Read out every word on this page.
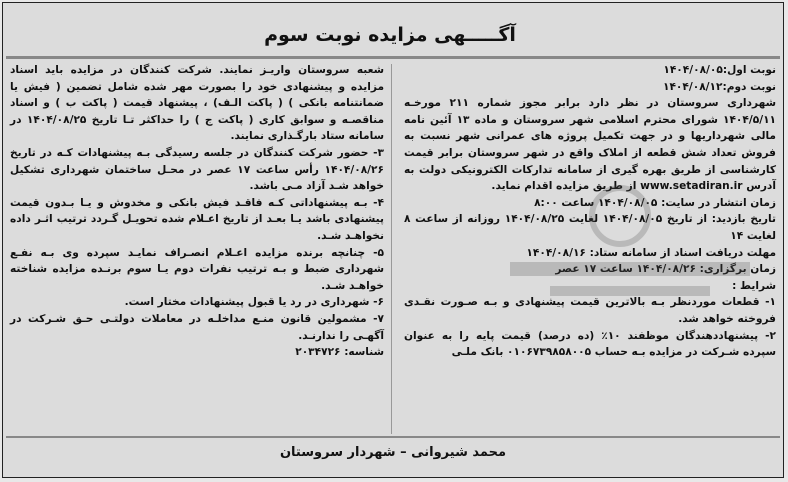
آگـــــهی مزایده نوبت سوم

نوبت اول:۱۴۰۴/۰۸/۰۵

نوبت دوم:۱۴۰۴/۰۸/۱۲

شهرداری سروستان در نظر دارد برابر مجوز شماره ۲۱۱ مورخـه ۱۴۰۴/۵/۱۱ شورای محترم اسلامی شهر سروستان و ماده ۱۳ آئین نامه مالی شهرداریها و در جهت تکمیل پروژه های عمرانی شهر نسبت به فروش تعداد شش قطعه از املاک واقع در شهر سروستان برابر قیمت کارشناسی از طریق بهره گیری از سامانه تدارکات الکترونیکی دولت به آدرس www.setadiran.ir از طریق مزایده اقدام نماید.

زمان انتشار در سایت: ۱۴۰۴/۰۸/۰۵ ساعت ۸:۰۰

تاریخ بازدید: از تاریخ ۱۴۰۴/۰۸/۰۵ لغایت ۱۴۰۴/۰۸/۲۵ روزانه از ساعت ۸ لغایت ۱۴

مهلت دریافت اسناد از سامانه ستاد: ۱۴۰۴/۰۸/۱۶

زمان برگزاری: ۱۴۰۴/۰۸/۲۶ ساعت ۱۷ عصر

شرایط :

۱- قطعات موردنظر بـه بالاترین قیمت پیشنهادی و بـه صـورت نقـدی فروخته خواهد شد.

۲- پیشنهاددهندگان موظفند ۱۰٪ (ده درصد) قیمت پایه را به عنوان سپرده شـرکت در مزایده بـه حساب ۰۱۰۶۷۳۹۸۵۸۰۰۵ بانک ملـی

شعبه سروستان واریـز نمایند. شرکت کنندگان در مزایده باید اسناد مزایده و پیشنهادی خود را بصورت مهر شده شامل تضمین ( فیش یا ضمانتنامه بانکی ) ( پاکت الـف) ، پیشنهاد قیمت ( پاکت ب ) و اسناد مناقصـه و سوابق کاری ( پاکت ج ) را حداکثر تـا تاریخ ۱۴۰۴/۰۸/۲۵ در سامانه ستاد بارگـذاری نمایند.

۳- حضور شرکت کنندگان در جلسه رسیدگی بـه پیشنهادات کـه در تاریخ ۱۴۰۴/۰۸/۲۶ رأس ساعت ۱۷ عصر در محـل ساختمان شهرداری تشکیل خواهد شـد آزاد مـی باشد.

۴- بـه پیشنهاداتی کـه فاقـد فیش بانکی و مخدوش و یـا بـدون قیمت پیشنهادی باشد یـا بعـد از تاریخ اعـلام شده تحویـل گـردد ترتیب اثـر داده نخواهـد شـد.

۵- چنانچه برنده مزایده اعـلام انصـراف نمایـد سپرده وی بـه نفـع شهرداری ضبط و بـه ترتیب نفرات دوم یـا سوم برنـده مزایده شناخته خواهـد شـد.

۶- شهرداری در رد یا قبول پیشنهادات مختار است.

۷- مشمولین قانون منـع مداخلـه در معاملات دولتـی حـق شـرکت در آگهـی را ندارنـد.

شناسه: ۲۰۳۴۷۲۶

محمد شیروانی – شهردار سروستان
